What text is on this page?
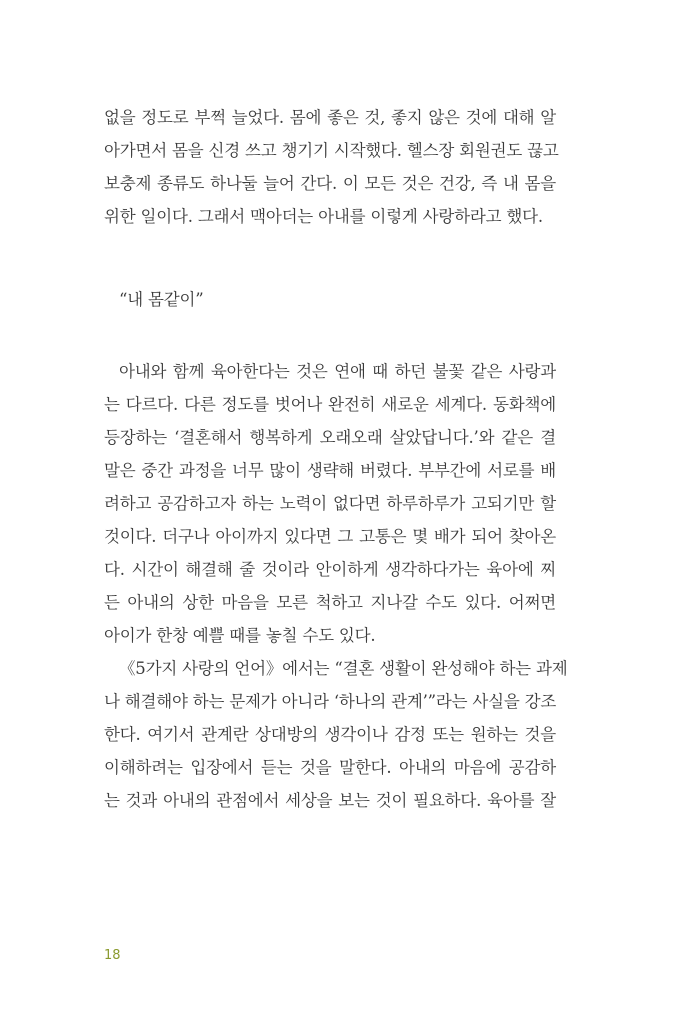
없을 정도로 부쩍 늘었다. 몸에 좋은 것, 좋지 않은 것에 대해 알
아가면서 몸을 신경 쓰고 챙기기 시작했다. 헬스장 회원권도 끊고
보충제 종류도 하나둘 늘어 간다. 이 모든 것은 건강, 즉 내 몸을
위한 일이다. 그래서 맥아더는 아내를 이렇게 사랑하라고 했다.
“내 몸같이”
아내와 함께 육아한다는 것은 연애 때 하던 불꽃 같은 사랑과
는 다르다. 다른 정도를 벗어나 완전히 새로운 세계다. 동화책에
등장하는 ‘결혼해서 행복하게 오래오래 살았답니다.’와 같은 결
말은 중간 과정을 너무 많이 생략해 버렸다. 부부간에 서로를 배
려하고 공감하고자 하는 노력이 없다면 하루하루가 고되기만 할
것이다. 더구나 아이까지 있다면 그 고통은 몇 배가 되어 찾아온
다. 시간이 해결해 줄 것이라 안이하게 생각하다가는 육아에 찌
든 아내의 상한 마음을 모른 척하고 지나갈 수도 있다. 어쩌면
아이가 한창 예쁠 때를 놓칠 수도 있다.
《5가지 사랑의 언어》에서는 “결혼 생활이 완성해야 하는 과제
나 해결해야 하는 문제가 아니라 ‘하나의 관계’”라는 사실을 강조
한다. 여기서 관계란 상대방의 생각이나 감정 또는 원하는 것을
이해하려는 입장에서 듣는 것을 말한다. 아내의 마음에 공감하
는 것과 아내의 관점에서 세상을 보는 것이 필요하다. 육아를 잘
18
